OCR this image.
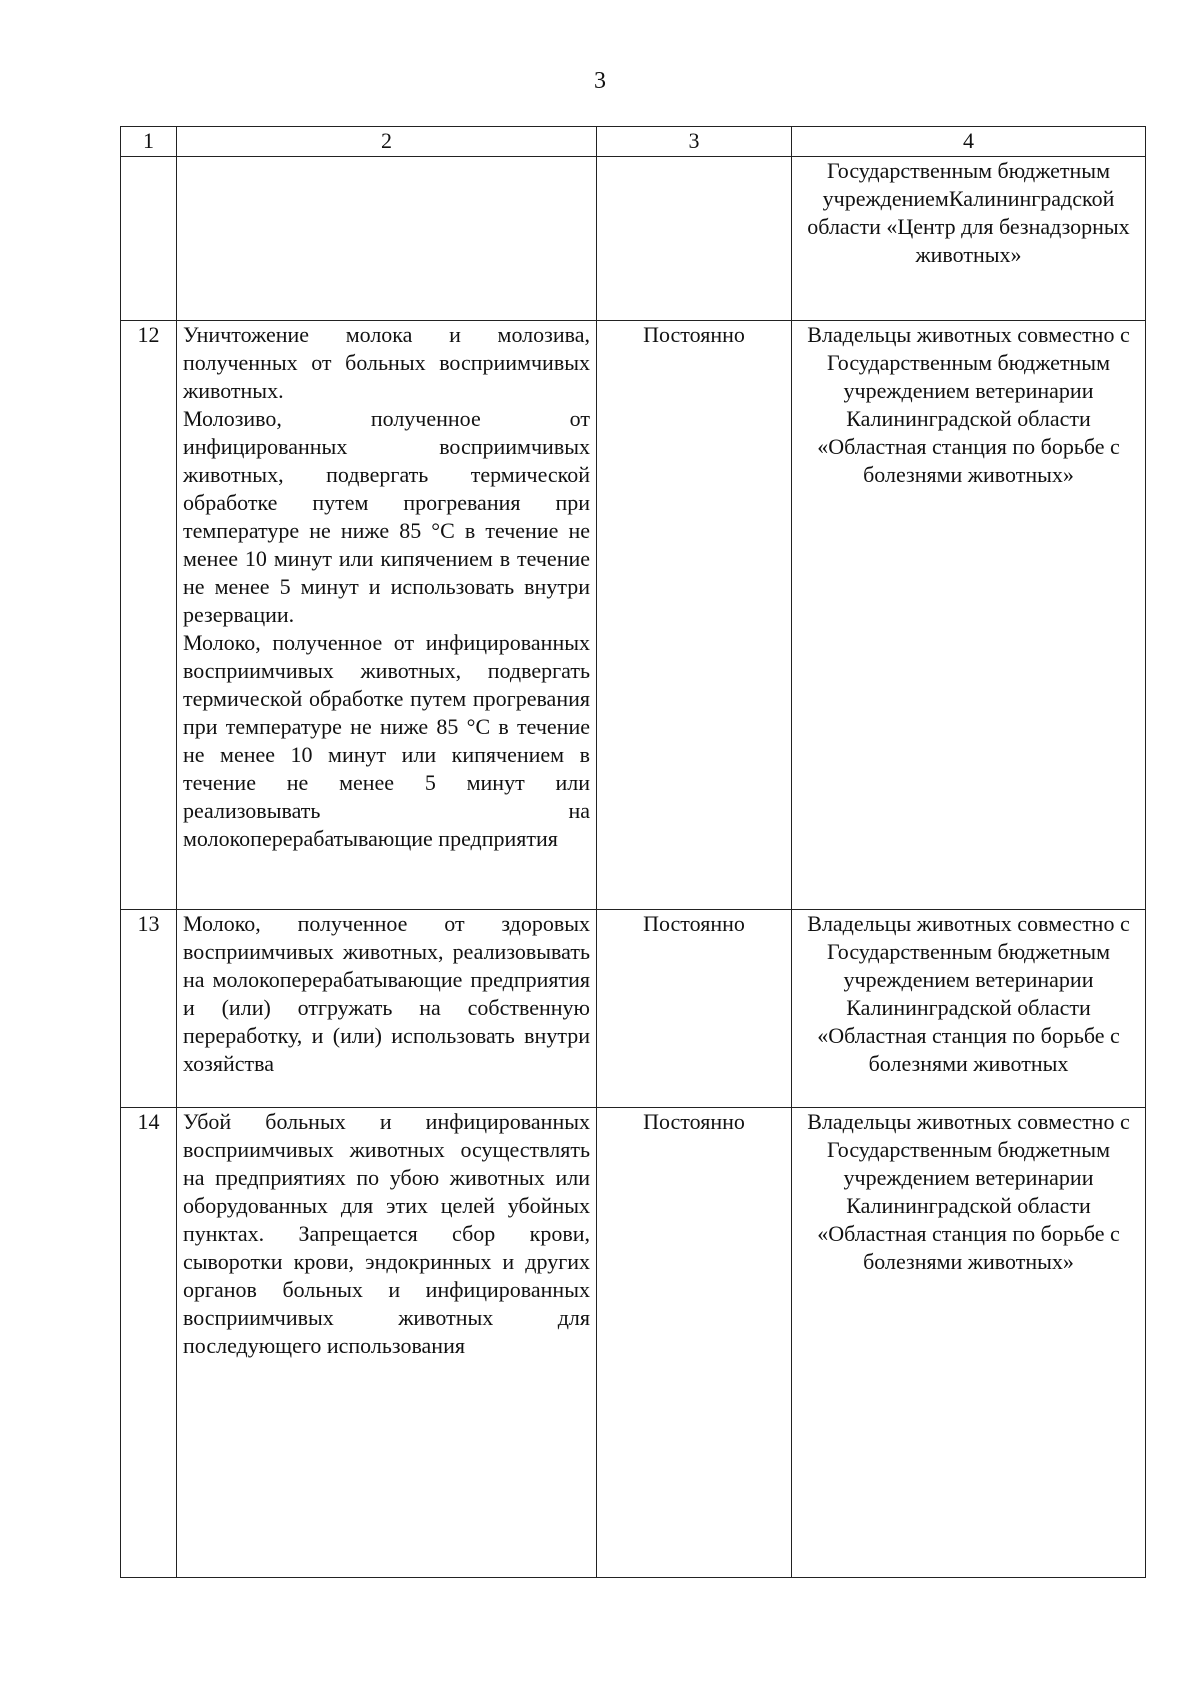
3
1	2	3	4
			Государственным бюджетным учреждениемКалининградской области «Центр для безнадзорных животных»
12	Уничтожение молока и молозива, полученных от больных восприимчивых животных.
Молозиво, полученное от инфицированных восприимчивых животных, подвергать термической обработке путем прогревания при температуре не ниже 85 °C в течение не менее 10 минут или кипячением в течение не менее 5 минут и использовать внутри резервации.
Молоко, полученное от инфицированных восприимчивых животных, подвергать термической обработке путем прогревания при температуре не ниже 85 °C в течение не менее 10 минут или кипячением в течение не менее 5 минут или реализовывать на молокоперерабатывающие предприятия	Постоянно	Владельцы животных совместно с Государственным бюджетным учреждением ветеринарии Калининградской области «Областная станция по борьбе с болезнями животных»
13	Молоко, полученное от здоровых восприимчивых животных, реализовывать на молокоперерабатывающие предприятия и (или) отгружать на собственную переработку, и (или) использовать внутри хозяйства	Постоянно	Владельцы животных совместно с Государственным бюджетным учреждением ветеринарии Калининградской области «Областная станция по борьбе с болезнями животных
14	Убой больных и инфицированных восприимчивых животных осуществлять на предприятиях по убою животных или оборудованных для этих целей убойных пунктах. Запрещается сбор крови, сыворотки крови, эндокринных и других органов больных и инфицированных восприимчивых животных для последующего использования	Постоянно	Владельцы животных совместно с Государственным бюджетным учреждением ветеринарии Калининградской области «Областная станция по борьбе с болезнями животных»
